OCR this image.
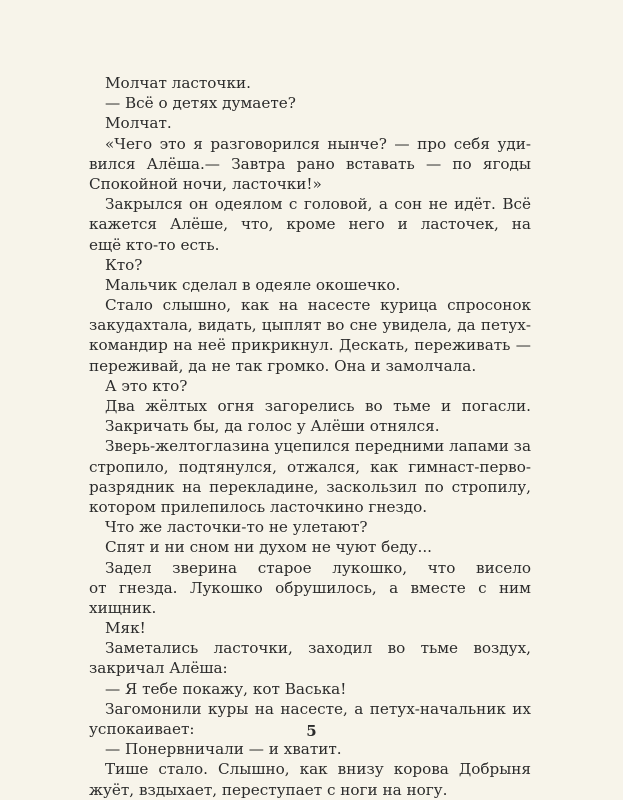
Молчат ласточки.
— Всё о детях думаете?
Молчат.
«Чего это я разговорился нынче? — про себя уди-
вился Алёша.— Завтра рано вставать — по ягоды
Спокойной ночи, ласточки!»
Закрылся он одеялом с головой, а сон не идёт. Всё
кажется Алёше, что, кроме него и ласточек, на
ещё кто-то есть.
Кто?
Мальчик сделал в одеяле окошечко.
Стало слышно, как на насесте курица спросонок
закудахтала, видать, цыплят во сне увидела, да петух-
командир на неё прикрикнул. Дескать, переживать —
переживай, да не так громко. Она и замолчала.
А это кто?
Два жёлтых огня загорелись во тьме и погасли.
Закричать бы, да голос у Алёши отнялся.
Зверь-желтоглазина уцепился передними лапами за
стропило, подтянулся, отжался, как гимнаст-перво-
разрядник на перекладине, заскользил по стропилу,
котором прилепилось ласточкино гнездо.
Что же ласточки-то не улетают?
Спят и ни сном ни духом не чуют беду...
Задел зверина старое лукошко, что висело
от гнезда. Лукошко обрушилось, а вместе с ним
хищник.
Мяк!
Заметались ласточки, заходил во тьме воздух,
закричал Алёша:
— Я тебе покажу, кот Васька!
Загомонили куры на насесте, а петух-начальник их
успокаивает:
— Понервничали — и хватит.
Тише стало. Слышно, как внизу корова Добрыня
жуёт, вздыхает, переступает с ноги на ногу.
5
